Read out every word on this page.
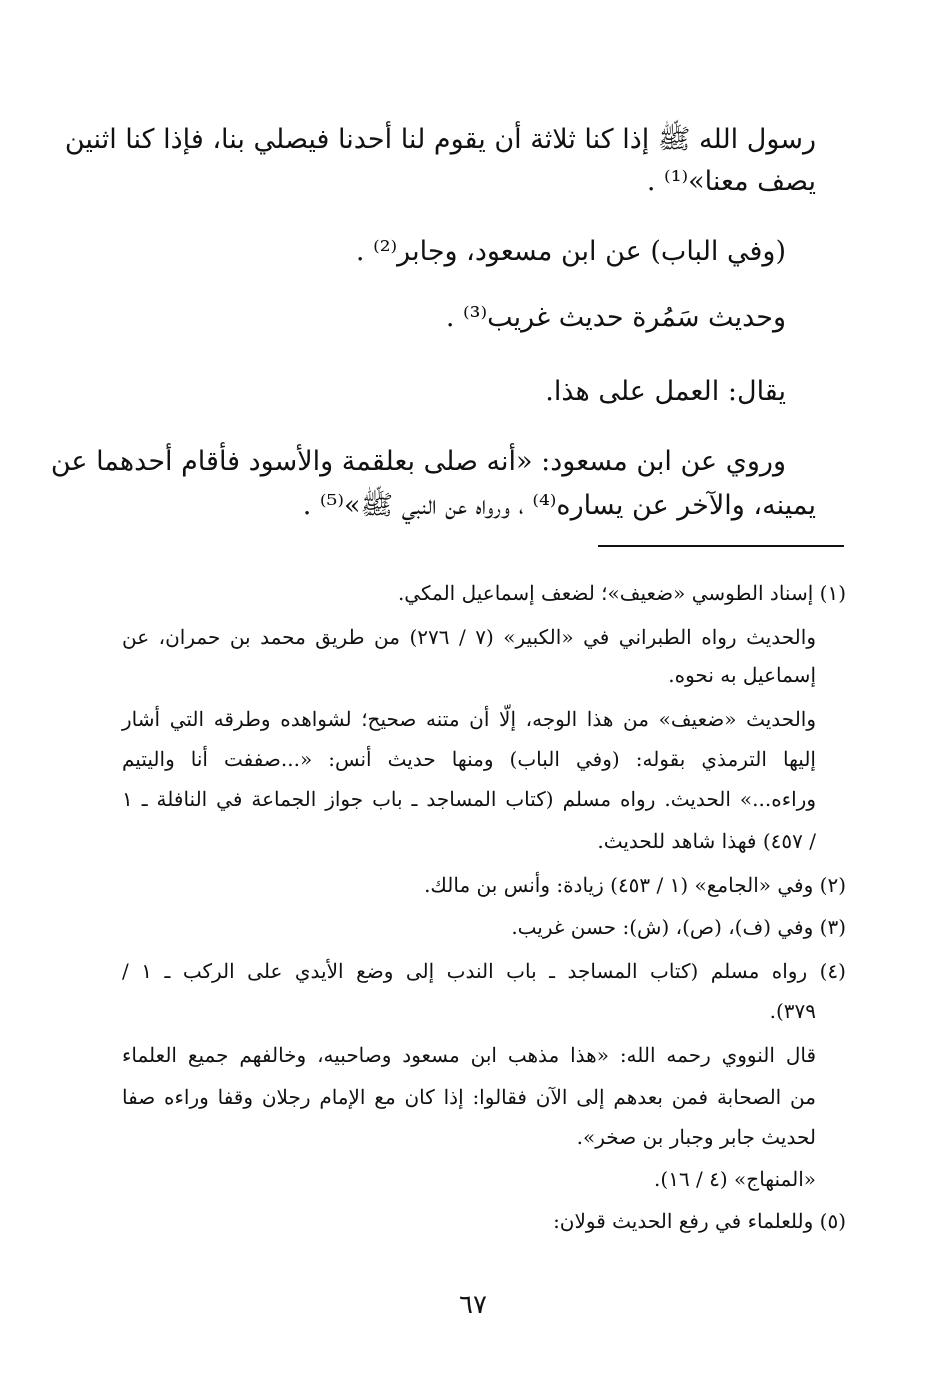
رسول الله ﷺ إذا كنا ثلاثة أن يقوم لنا أحدنا فيصلي بنا، فإذا كنا اثنين
يصف معنا»⁽¹⁾ .
(وفي الباب) عن ابن مسعود، وجابر⁽²⁾ .
وحديث سَمُرة حديث غريب⁽³⁾ .
يقال: العمل على هذا.
وروي عن ابن مسعود: «أنه صلى بعلقمة والأسود فأقام أحدهما عن
يمينه، والآخر عن يساره⁽⁴⁾ ، ورواه عن النبي ﷺ»⁽⁵⁾ .
(١) إسناد الطوسي «ضعيف»؛ لضعف إسماعيل المكي.
والحديث رواه الطبراني في «الكبير» (٧ / ٢٧٦) من طريق محمد بن حمران، عن
إسماعيل به نحوه.
والحديث «ضعيف» من هذا الوجه، إلّا أن متنه صحيح؛ لشواهده وطرقه التي أشار
إليها الترمذي بقوله: (وفي الباب) ومنها حديث أنس: «...صففت أنا واليتيم
وراءه...» الحديث. رواه مسلم (كتاب المساجد ـ باب جواز الجماعة في النافلة ـ ١
/ ٤٥٧) فهذا شاهد للحديث.
(٢) وفي «الجامع» (١ / ٤٥٣) زيادة: وأنس بن مالك.
(٣) وفي (ف)، (ص)، (ش): حسن غريب.
(٤) رواه مسلم (كتاب المساجد ـ باب الندب إلى وضع الأيدي على الركب ـ ١ /
٣٧٩).
قال النووي رحمه الله: «هذا مذهب ابن مسعود وصاحبيه، وخالفهم جميع العلماء
من الصحابة فمن بعدهم إلى الآن فقالوا: إذا كان مع الإمام رجلان وقفا وراءه صفا
لحديث جابر وجبار بن صخر».
«المنهاج» (٤ / ١٦).
(٥) وللعلماء في رفع الحديث قولان:
٦٧
